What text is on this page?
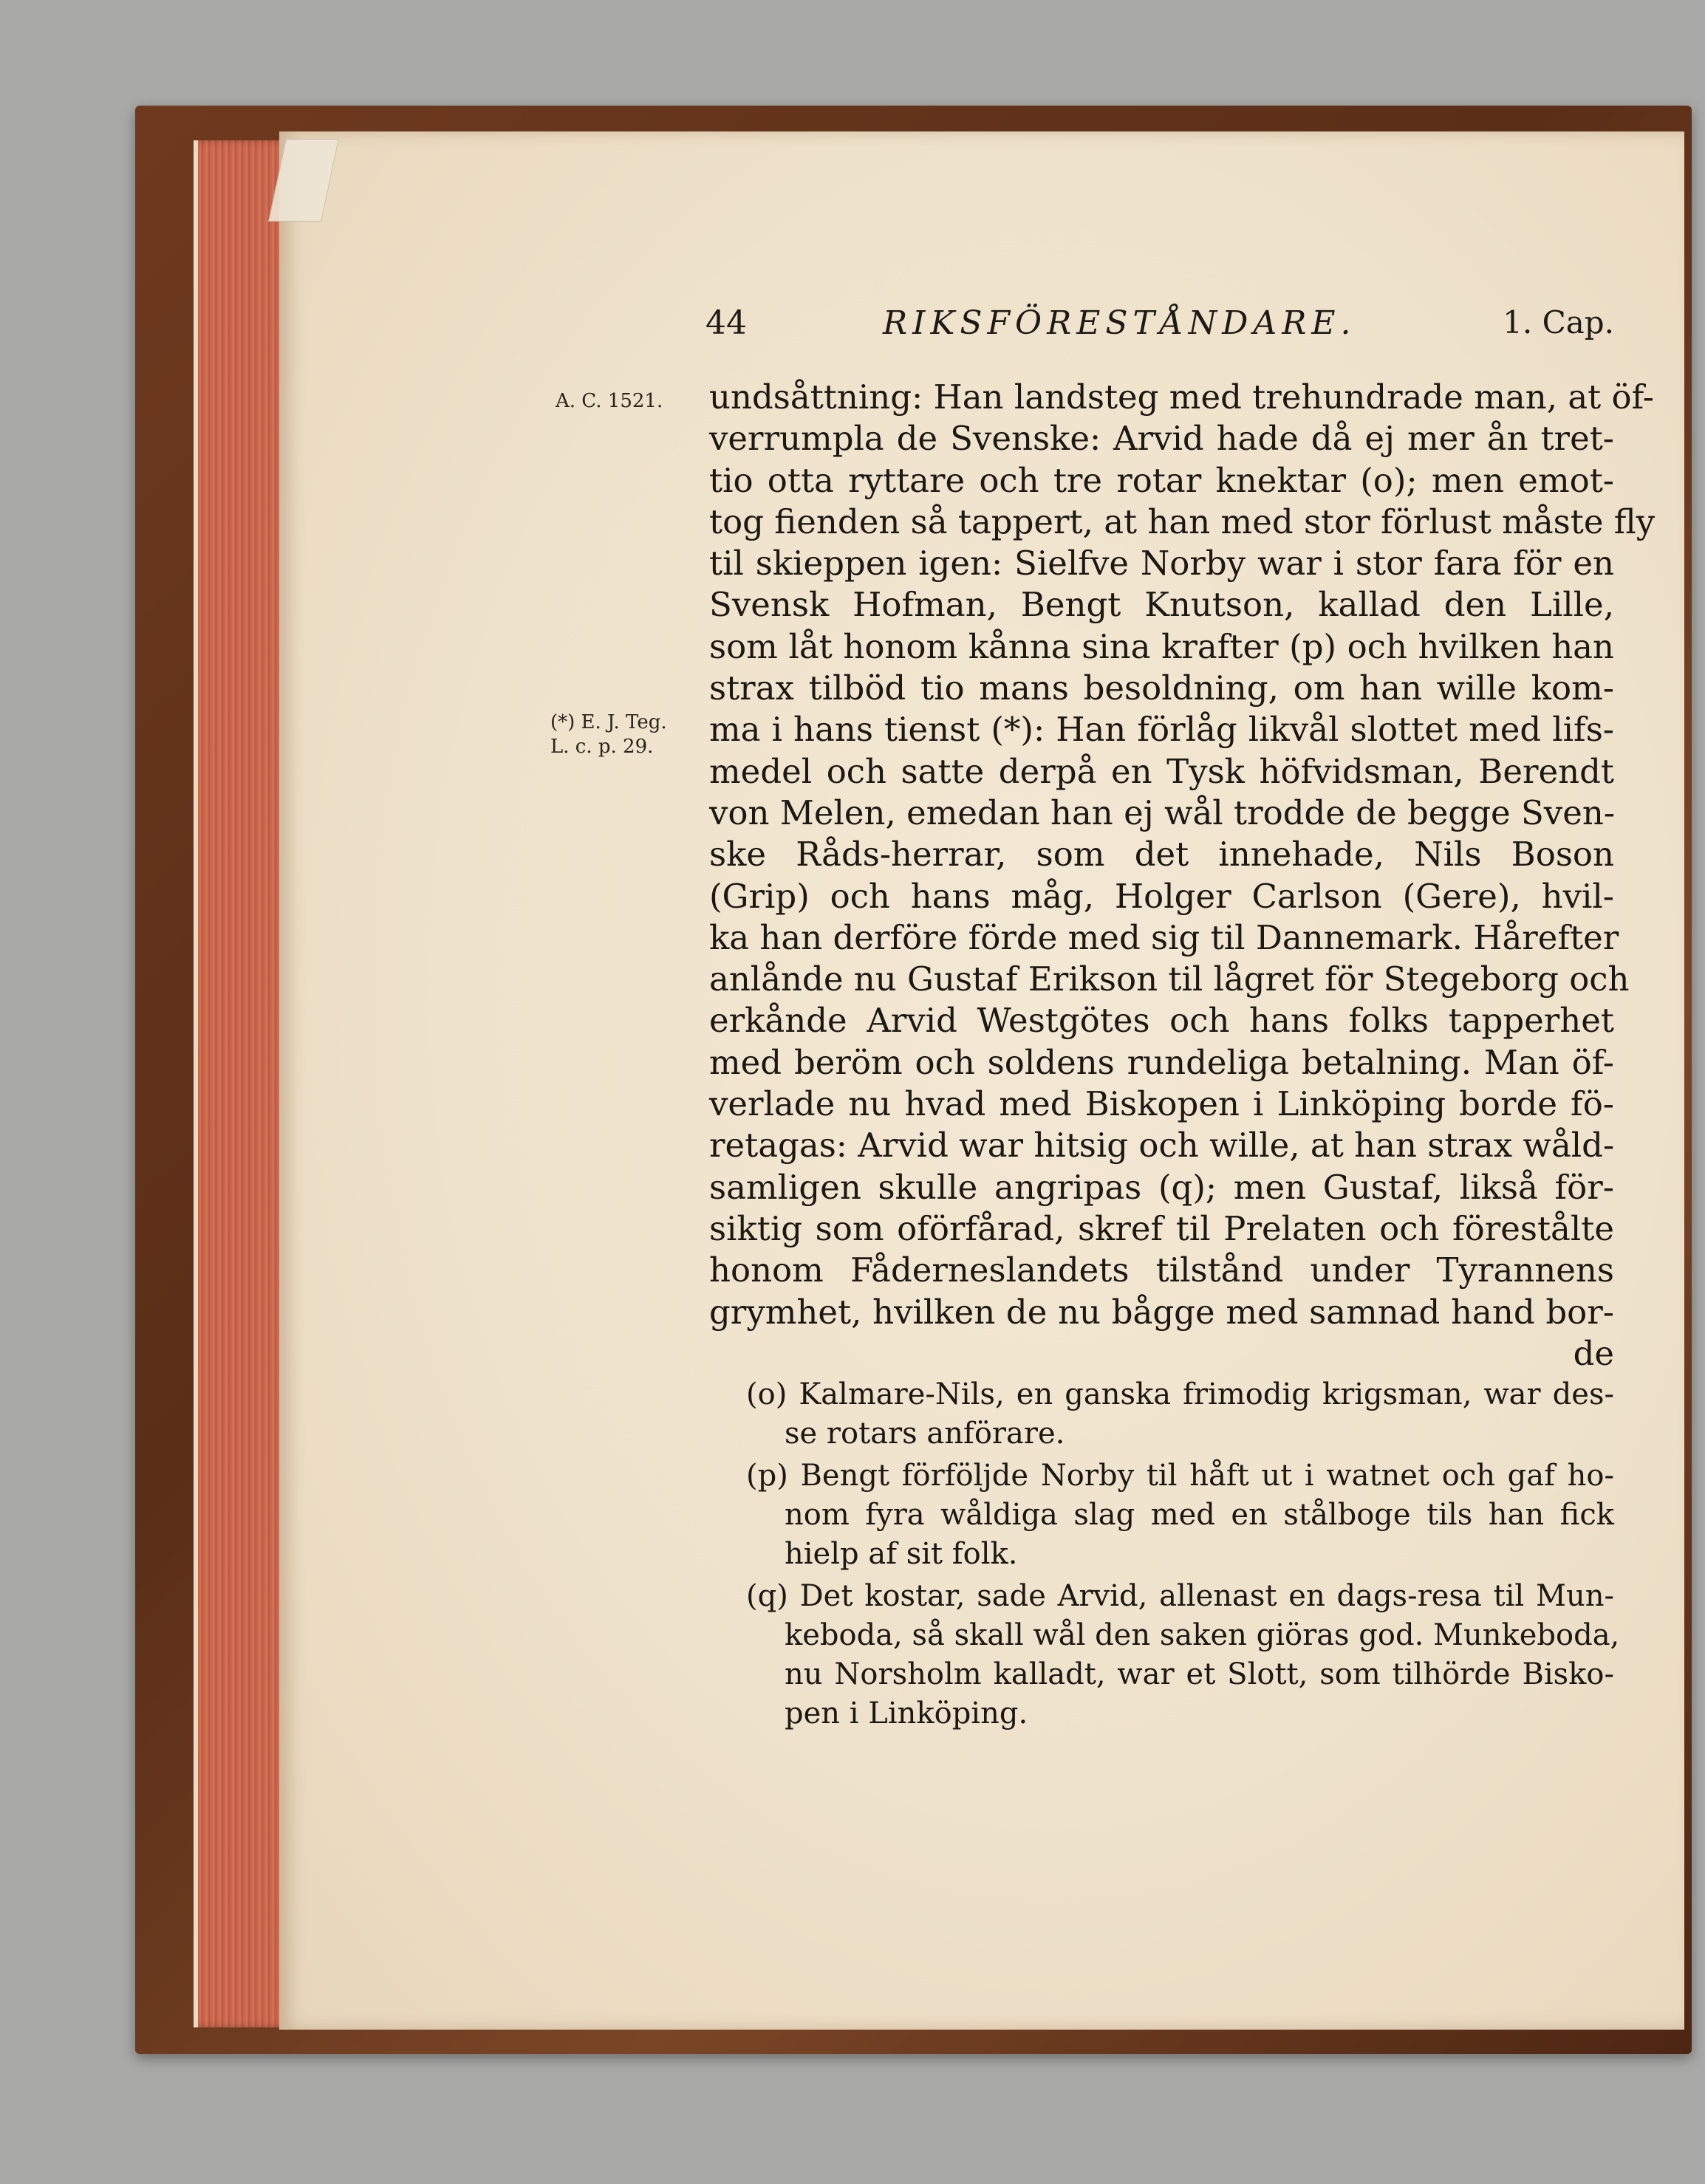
44	RIKSFÖRESTÅNDARE.	1. Cap.
A. C. 1521.
(*) E. J. Teg.
L. c. p. 29.
undsåttning: Han landsteg med trehundrade man, at öf-
verrumpla de Svenske: Arvid hade då ej mer ån tret-
tio otta ryttare och tre rotar knektar (o); men emot-
tog fienden så tappert, at han med stor förlust måste fly
til skieppen igen: Sielfve Norby war i stor fara för en
Svensk Hofman, Bengt Knutson, kallad den Lille,
som låt honom kånna sina krafter (p) och hvilken han
strax tilböd tio mans besoldning, om han wille kom-
ma i hans tienst (*): Han förlåg likvål slottet med lifs-
medel och satte derpå en Tysk höfvidsman, Berendt
von Melen, emedan han ej wål trodde de begge Sven-
ske Råds-herrar, som det innehade, Nils Boson
(Grip) och hans måg, Holger Carlson (Gere), hvil-
ka han derföre förde med sig til Dannemark. Hårefter
anlånde nu Gustaf Erikson til lågret för Stegeborg och
erkånde Arvid Westgötes och hans folks tapperhet
med beröm och soldens rundeliga betalning. Man öf-
verlade nu hvad med Biskopen i Linköping borde fö-
retagas: Arvid war hitsig och wille, at han strax wåld-
samligen skulle angripas (q); men Gustaf, likså för-
siktig som oförfårad, skref til Prelaten och förestålte
honom Fåderneslandets tilstånd under Tyrannens
grymhet, hvilken de nu bågge med samnad hand bor-
de
(o) Kalmare-Nils, en ganska frimodig krigsman, war des-
se rotars anförare.
(p) Bengt förföljde Norby til håft ut i watnet och gaf ho-
nom fyra wåldiga slag med en stålboge tils han fick
hielp af sit folk.
(q) Det kostar, sade Arvid, allenast en dags-resa til Mun-
keboda, så skall wål den saken giöras god. Munkeboda,
nu Norsholm kalladt, war et Slott, som tilhörde Bisko-
pen i Linköping.
